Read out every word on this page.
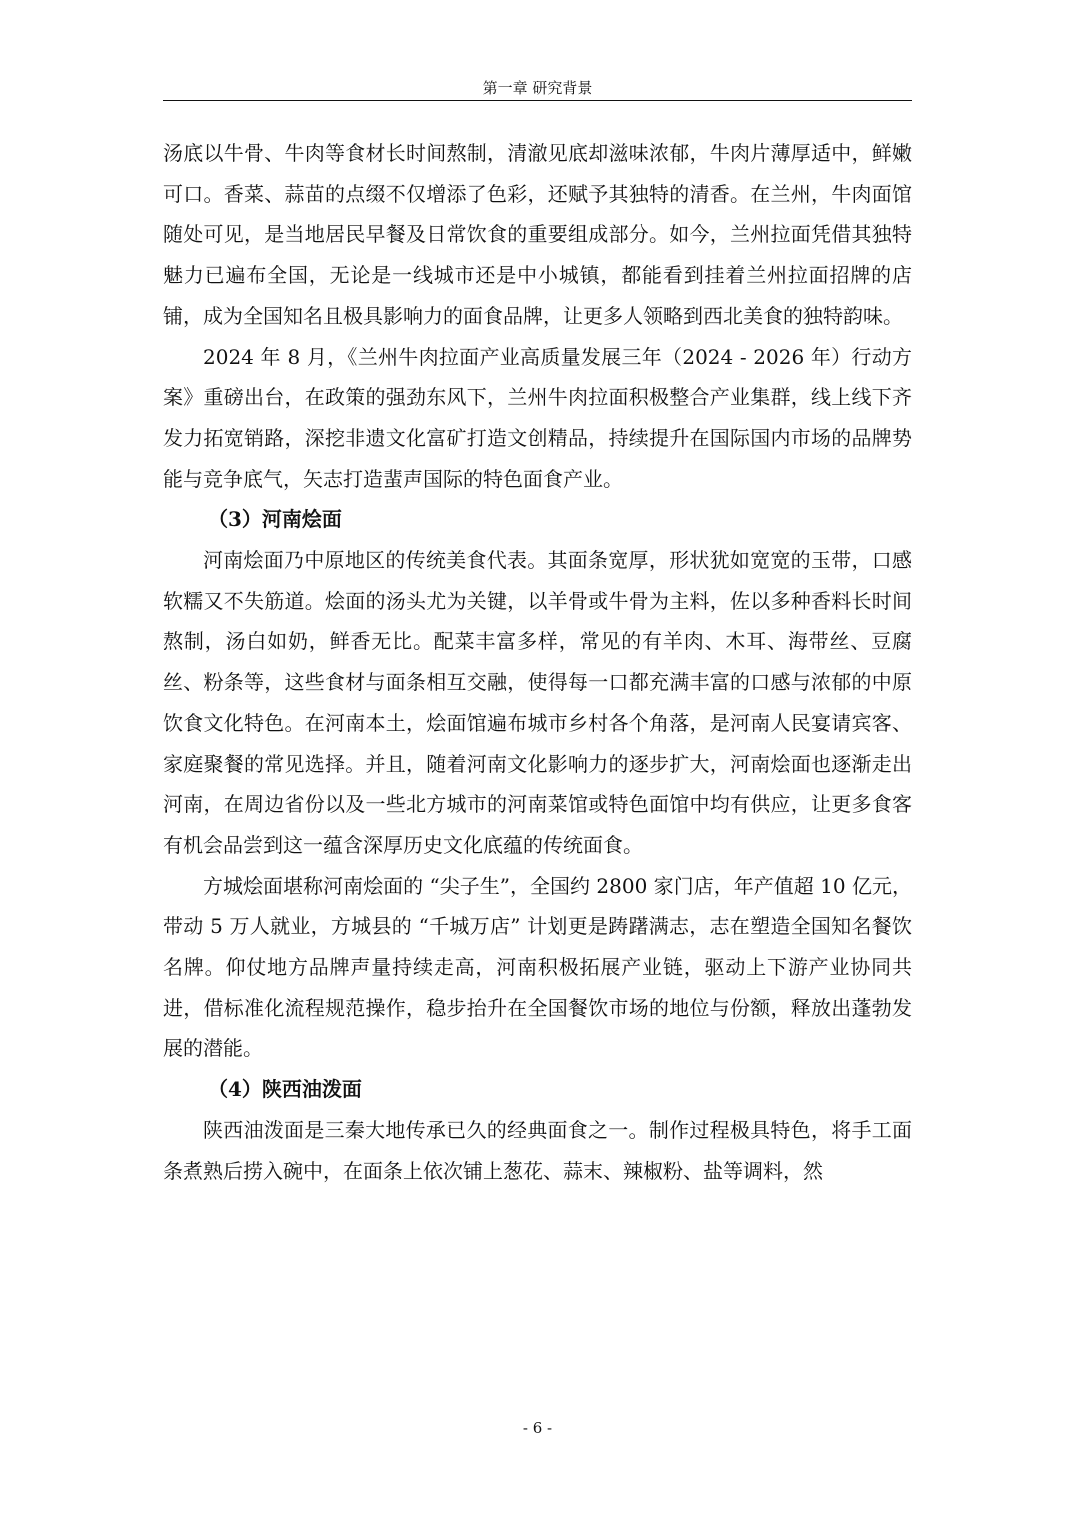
第一章 研究背景

汤底以牛骨、牛肉等食材长时间熬制，清澈见底却滋味浓郁，牛肉片薄厚适中，鲜嫩可口。香菜、蒜苗的点缀不仅增添了色彩，还赋予其独特的清香。在兰州，牛肉面馆随处可见，是当地居民早餐及日常饮食的重要组成部分。如今，兰州拉面凭借其独特魅力已遍布全国，无论是一线城市还是中小城镇，都能看到挂着兰州拉面招牌的店铺，成为全国知名且极具影响力的面食品牌，让更多人领略到西北美食的独特韵味。

2024 年 8 月，《兰州牛肉拉面产业高质量发展三年（2024 - 2026 年）行动方案》重磅出台，在政策的强劲东风下，兰州牛肉拉面积极整合产业集群，线上线下齐发力拓宽销路，深挖非遗文化富矿打造文创精品，持续提升在国际国内市场的品牌势能与竞争底气，矢志打造蜚声国际的特色面食产业。

（3）河南烩面

河南烩面乃中原地区的传统美食代表。其面条宽厚，形状犹如宽宽的玉带，口感软糯又不失筋道。烩面的汤头尤为关键，以羊骨或牛骨为主料，佐以多种香料长时间熬制，汤白如奶，鲜香无比。配菜丰富多样，常见的有羊肉、木耳、海带丝、豆腐丝、粉条等，这些食材与面条相互交融，使得每一口都充满丰富的口感与浓郁的中原饮食文化特色。在河南本土，烩面馆遍布城市乡村各个角落，是河南人民宴请宾客、家庭聚餐的常见选择。并且，随着河南文化影响力的逐步扩大，河南烩面也逐渐走出河南，在周边省份以及一些北方城市的河南菜馆或特色面馆中均有供应，让更多食客有机会品尝到这一蕴含深厚历史文化底蕴的传统面食。

方城烩面堪称河南烩面的 “尖子生”，全国约 2800 家门店，年产值超 10 亿元，带动 5 万人就业，方城县的 “千城万店” 计划更是踌躇满志，志在塑造全国知名餐饮名牌。仰仗地方品牌声量持续走高，河南积极拓展产业链，驱动上下游产业协同共进，借标准化流程规范操作，稳步抬升在全国餐饮市场的地位与份额，释放出蓬勃发展的潜能。

（4）陕西油泼面

陕西油泼面是三秦大地传承已久的经典面食之一。制作过程极具特色，将手工面条煮熟后捞入碗中，在面条上依次铺上葱花、蒜末、辣椒粉、盐等调料，然

- 6 -
